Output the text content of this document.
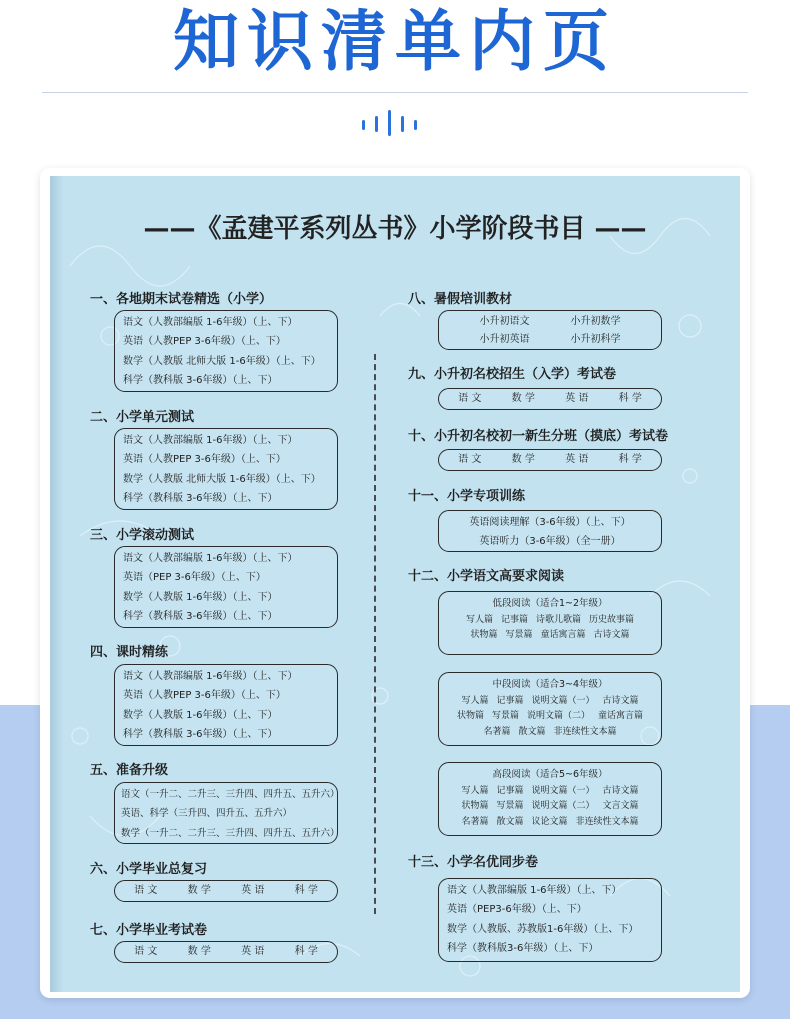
知识清单内页
——《孟建平系列丛书》小学阶段书目 ——
一、各地期末试卷精选（小学）
语文（人教部编版 1-6年级）（上、下）
英语（人教PEP 3-6年级）（上、下）
数学（人教版 北师大版 1-6年级）（上、下）
科学（教科版 3-6年级）（上、下）
二、小学单元测试
语文（人教部编版 1-6年级）（上、下）
英语（人教PEP 3-6年级）（上、下）
数学（人教版 北师大版 1-6年级）（上、下）
科学（教科版 3-6年级）（上、下）
三、小学滚动测试
语文（人教部编版 1-6年级）（上、下）
英语（PEP 3-6年级）（上、下）
数学（人教版 1-6年级）（上、下）
科学（教科版 3-6年级）（上、下）
四、课时精练
语文（人教部编版 1-6年级）（上、下）
英语（人教PEP 3-6年级）（上、下）
数学（人教版 1-6年级）（上、下）
科学（教科版 3-6年级）（上、下）
五、准备升级
语文（一升二、二升三、三升四、四升五、五升六）
英语、科学（三升四、四升五、五升六）
数学（一升二、二升三、三升四、四升五、五升六）
六、小学毕业总复习
语 文	数 学	英 语	科 学
七、小学毕业考试卷
语 文	数 学	英 语	科 学
八、暑假培训教材
小升初语文	小升初数学
小升初英语	小升初科学
九、小升初名校招生（入学）考试卷
语 文	数 学	英 语	科 学
十、小升初名校初一新生分班（摸底）考试卷
语 文	数 学	英 语	科 学
十一、小学专项训练
英语阅读理解（3-6年级）（上、下）
英语听力（3-6年级）（全一册）
十二、小学语文高要求阅读
低段阅读（适合1~2年级）
写人篇 记事篇 诗歌儿歌篇 历史故事篇
状物篇 写景篇 童话寓言篇 古诗文篇
中段阅读（适合3~4年级）
写人篇 记事篇 说明文篇（一） 古诗文篇
状物篇 写景篇 说明文篇（二） 童话寓言篇
名著篇 散文篇 非连续性文本篇
高段阅读（适合5~6年级）
写人篇 记事篇 说明文篇（一） 古诗文篇
状物篇 写景篇 说明文篇（二） 文言文篇
名著篇 散文篇 议论文篇 非连续性文本篇
十三、小学名优同步卷
语文（人教部编版 1-6年级）（上、下）
英语（PEP3-6年级）（上、下）
数学（人教版、苏教版1-6年级）（上、下）
科学（教科版3-6年级）（上、下）
